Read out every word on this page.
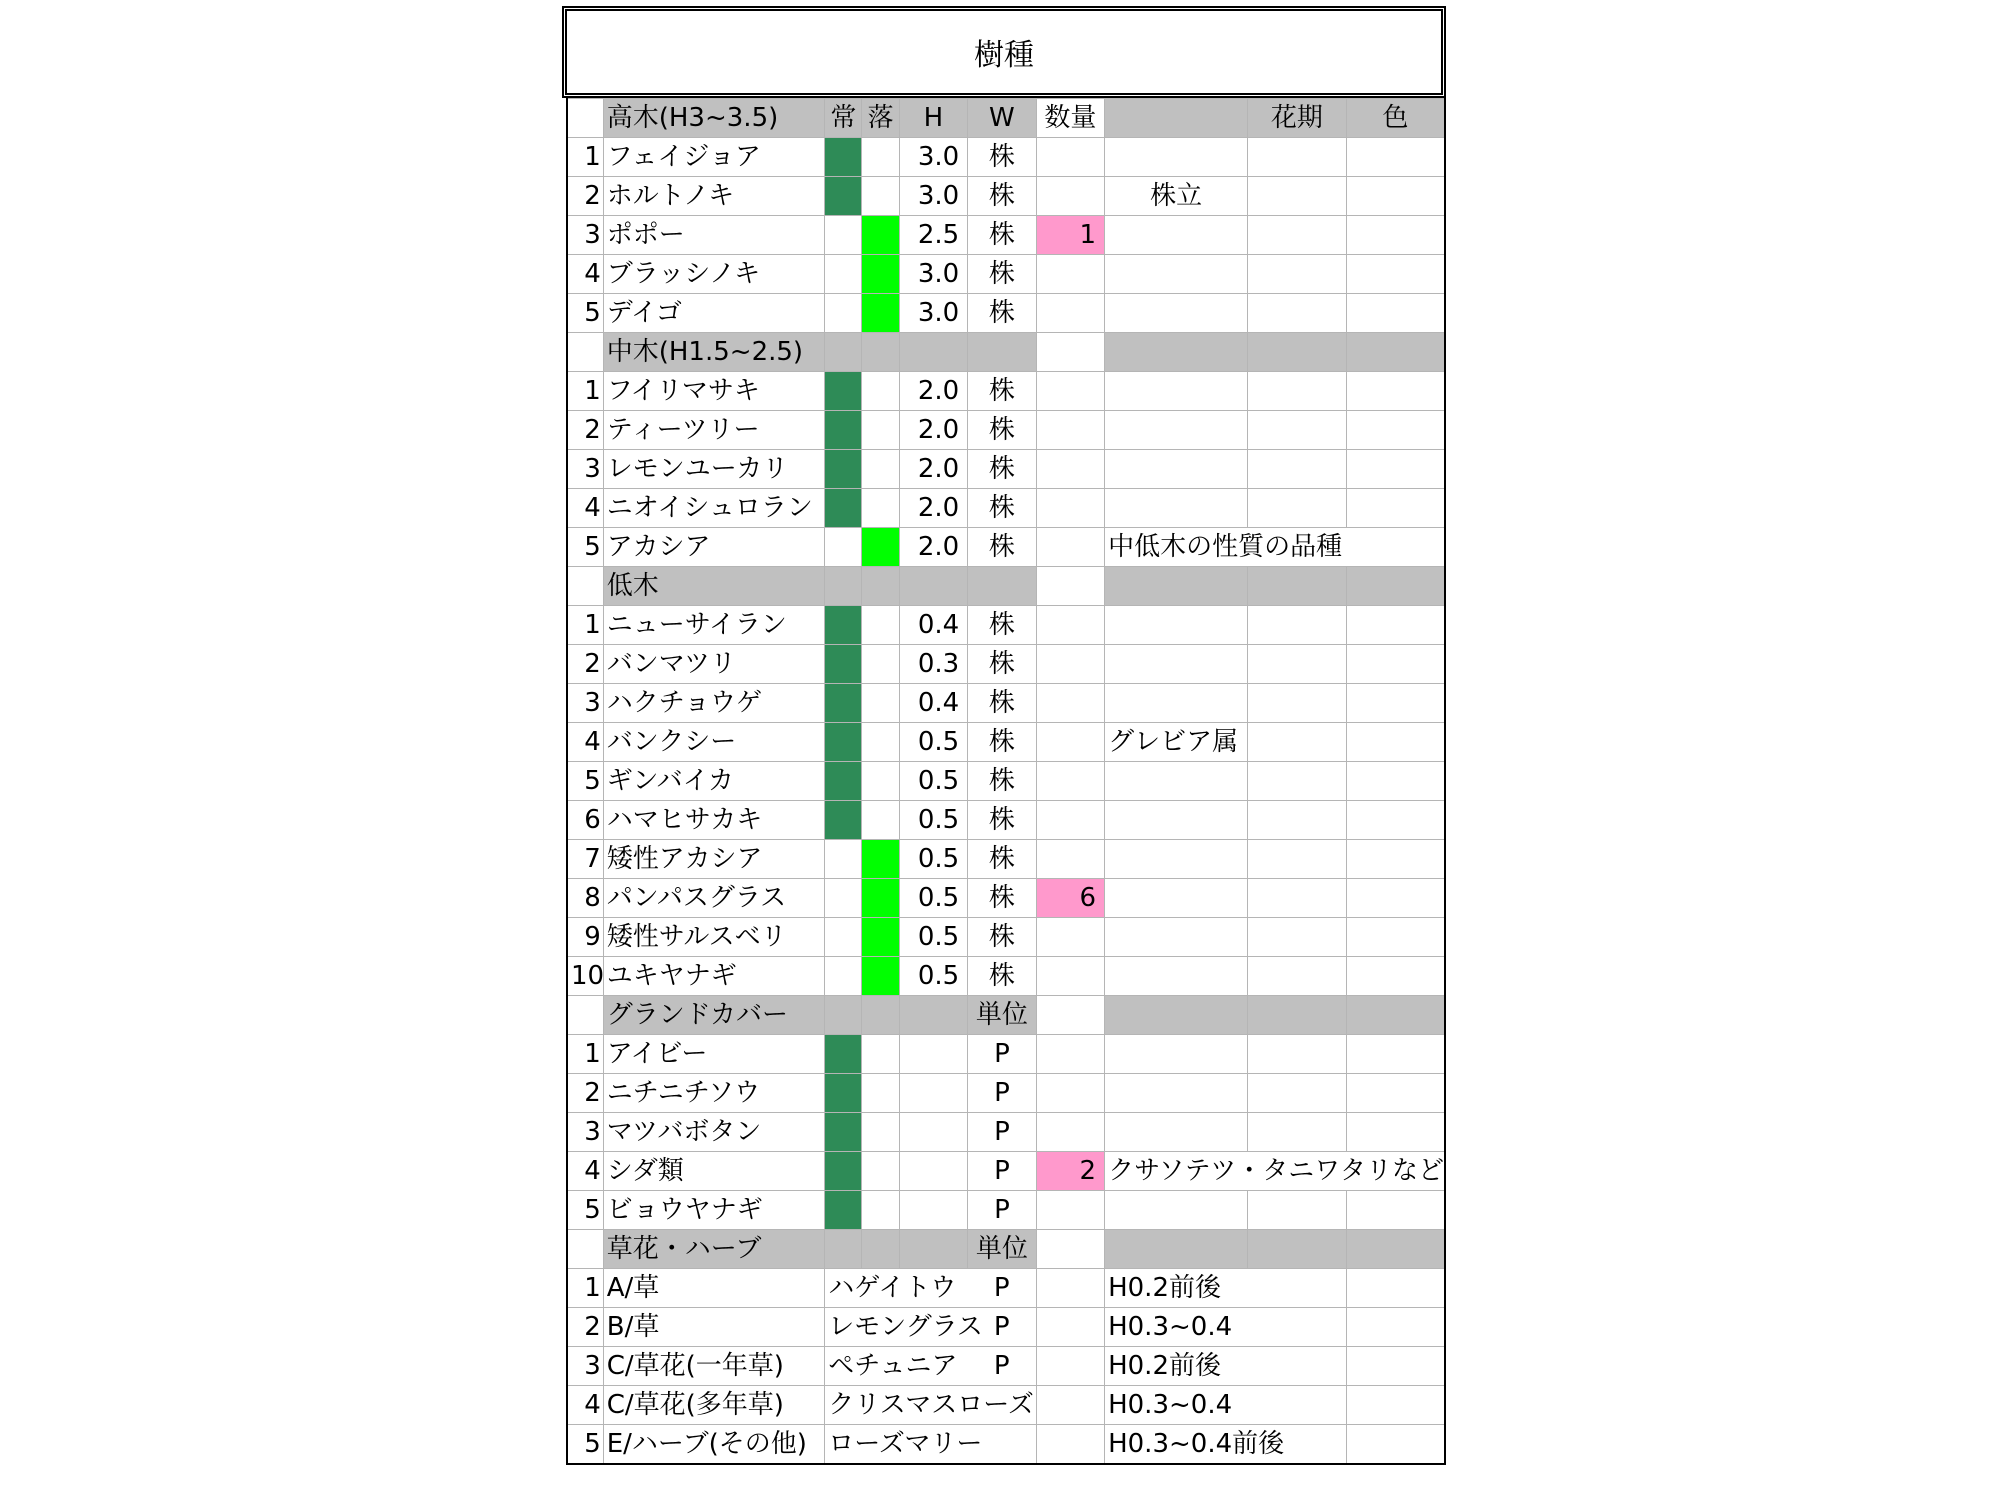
樹種
	高木(H3~3.5)	常	落	H	W	数量		花期	色
1	フェイジョア			3.0	株				
2	ホルトノキ			3.0	株		株立		
3	ポポー			2.5	株	1			
4	ブラッシノキ			3.0	株				
5	デイゴ			3.0	株				
	中木(H1.5~2.5)								
1	フイリマサキ			2.0	株				
2	ティーツリー			2.0	株				
3	レモンユーカリ			2.0	株				
4	ニオイシュロラン			2.0	株				
5	アカシア			2.0	株		中低木の性質の品種		
	低木								
1	ニューサイラン			0.4	株				
2	バンマツリ			0.3	株				
3	ハクチョウゲ			0.4	株				
4	バンクシー			0.5	株		グレビア属		
5	ギンバイカ			0.5	株				
6	ハマヒサカキ			0.5	株				
7	矮性アカシア			0.5	株				
8	パンパスグラス			0.5	株	6			
9	矮性サルスベリ			0.5	株				
10	ユキヤナギ			0.5	株				
	グランドカバー				単位				
1	アイビー				P				
2	ニチニチソウ				P				
3	マツバボタン				P				
4	シダ類				P	2	クサソテツ・タニワタリなど		
5	ビョウヤナギ				P				
	草花・ハーブ				単位				
1	A/草	ハゲイトウ			P		H0.2前後		
2	B/草	レモングラス			P		H0.3~0.4		
3	C/草花(一年草)	ペチュニア			P		H0.2前後		
4	C/草花(多年草)	クリスマスローズ					H0.3~0.4		
5	E/ハーブ(その他)	ローズマリー					H0.3~0.4前後		
